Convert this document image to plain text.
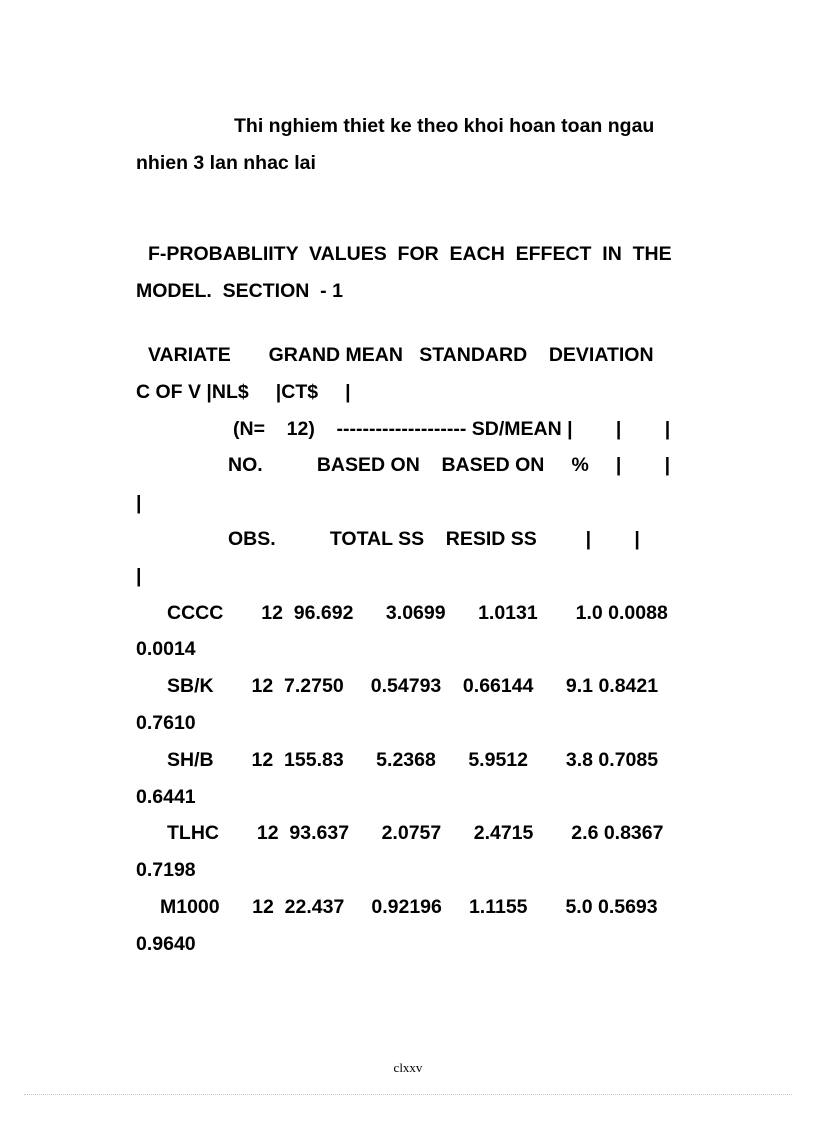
Thi nghiem thiet ke theo khoi hoan toan ngau
nhien 3 lan nhac lai
F-PROBABLIITY  VALUES  FOR  EACH  EFFECT  IN  THE
MODEL.  SECTION  - 1
VARIATE       GRAND MEAN   STANDARD    DEVIATION
C OF V |NL$     |CT$     |
(N=    12)    -------------------- SD/MEAN |        |        |
NO.          BASED ON    BASED ON     %     |        |
|
OBS.          TOTAL SS    RESID SS         |        |
|
CCCC       12  96.692      3.0699      1.0131       1.0 0.0088
0.0014
SB/K       12  7.2750     0.54793    0.66144      9.1 0.8421
0.7610
SH/B       12  155.83      5.2368      5.9512       3.8 0.7085
0.6441
TLHC       12  93.637      2.0757      2.4715       2.6 0.8367
0.7198
M1000      12  22.437     0.92196     1.1155       5.0 0.5693
0.9640
clxxv
